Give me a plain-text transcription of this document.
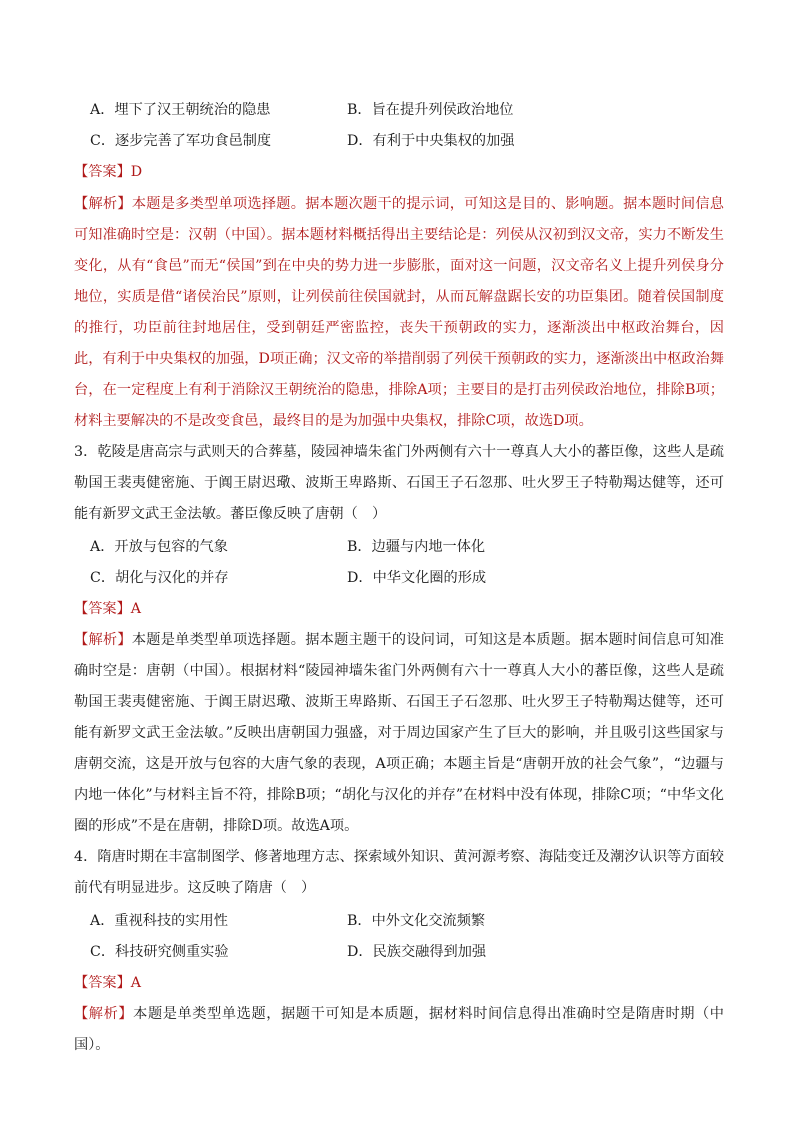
A．埋下了汉王朝统治的隐患	B．旨在提升列侯政治地位
C．逐步完善了军功食邑制度	D．有利于中央集权的加强
【答案】D
【解析】本题是多类型单项选择题。据本题次题干的提示词，可知这是目的、影响题。据本题时间信息可知准确时空是：汉朝（中国）。据本题材料概括得出主要结论是：列侯从汉初到汉文帝，实力不断发生变化，从有“食邑”而无“侯国”到在中央的势力进一步膨胀，面对这一问题，汉文帝名义上提升列侯身分地位，实质是借“诸侯治民”原则，让列侯前往侯国就封，从而瓦解盘踞长安的功臣集团。随着侯国制度的推行，功臣前往封地居住，受到朝廷严密监控，丧失干预朝政的实力，逐渐淡出中枢政治舞台，因此，有利于中央集权的加强，D项正确；汉文帝的举措削弱了列侯干预朝政的实力，逐渐淡出中枢政治舞台，在一定程度上有利于消除汉王朝统治的隐患，排除A项；主要目的是打击列侯政治地位，排除B项；材料主要解决的不是改变食邑，最终目的是为加强中央集权，排除C项，故选D项。
3．乾陵是唐高宗与武则天的合葬墓，陵园神墙朱雀门外两侧有六十一尊真人大小的蕃臣像，这些人是疏勒国王裴夷健密施、于阗王尉迟璥、波斯王卑路斯、石国王子石忽那、吐火罗王子特勒羯达健等，还可能有新罗文武王金法敏。蕃臣像反映了唐朝（　）
A．开放与包容的气象	B．边疆与内地一体化
C．胡化与汉化的并存	D．中华文化圈的形成
【答案】A
【解析】本题是单类型单项选择题。据本题主题干的设问词，可知这是本质题。据本题时间信息可知准确时空是：唐朝（中国）。根据材料“陵园神墙朱雀门外两侧有六十一尊真人大小的蕃臣像，这些人是疏勒国王裴夷健密施、于阗王尉迟璥、波斯王卑路斯、石国王子石忽那、吐火罗王子特勒羯达健等，还可能有新罗文武王金法敏。”反映出唐朝国力强盛，对于周边国家产生了巨大的影响，并且吸引这些国家与唐朝交流，这是开放与包容的大唐气象的表现，A项正确；本题主旨是“唐朝开放的社会气象”，“边疆与内地一体化”与材料主旨不符，排除B项；“胡化与汉化的并存”在材料中没有体现，排除C项；“中华文化圈的形成”不是在唐朝，排除D项。故选A项。
4．隋唐时期在丰富制图学、修著地理方志、探索域外知识、黄河源考察、海陆变迁及潮汐认识等方面较前代有明显进步。这反映了隋唐（　）
A．重视科技的实用性	B．中外文化交流频繁
C．科技研究侧重实验	D．民族交融得到加强
【答案】A
【解析】本题是单类型单选题，据题干可知是本质题，据材料时间信息得出准确时空是隋唐时期（中国）。
